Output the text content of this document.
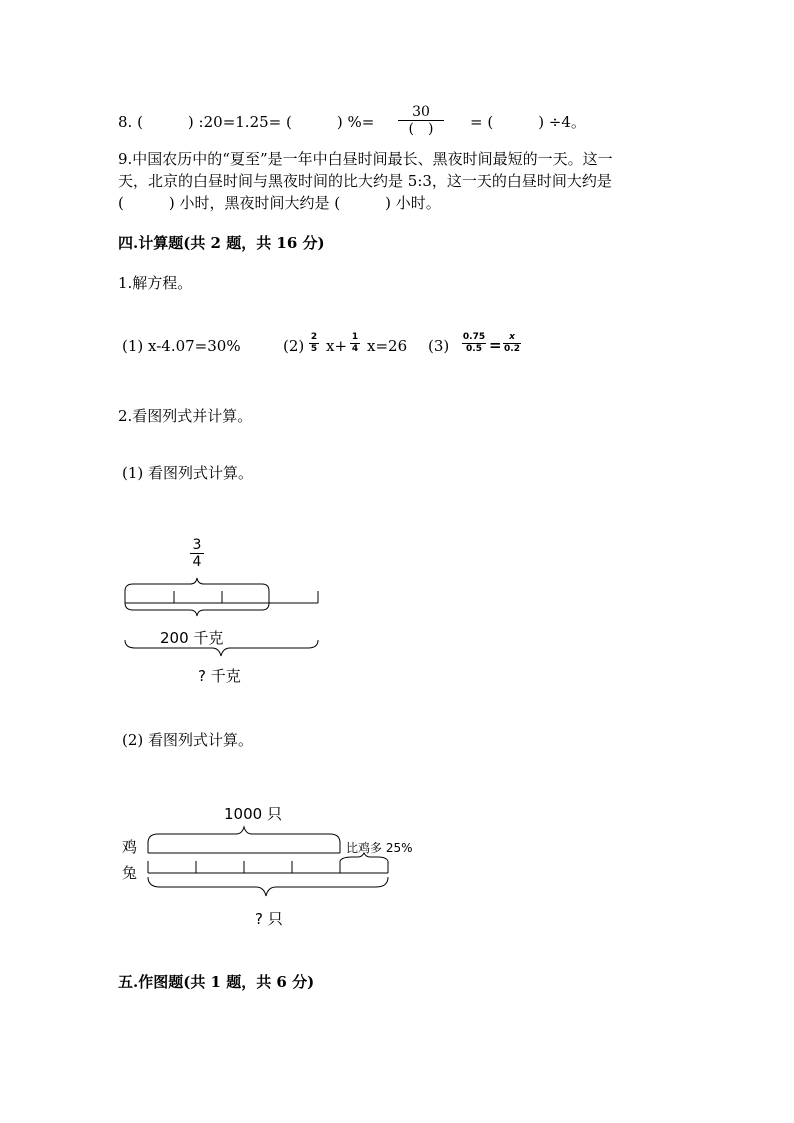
8. (　　　) :20=1.25= (　　　) %=
30
(　)	= (　　　) ÷4。
9.中国农历中的“夏至”是一年中白昼时间最长、黑夜时间最短的一天。这一
天，北京的白昼时间与黑夜时间的比大约是 5:3，这一天的白昼时间大约是
(　　　) 小时，黑夜时间大约是 (　　　) 小时。
四.计算题(共 2 题，共 16 分)
1.解方程。
(1) x-4.07=30%	(2) 2
5 x+ 1
4 x=26 (3) 0.75
0.5 = x
0.2
2.看图列式并计算。
(1) 看图列式计算。
3
4
200 千克
? 千克
(2) 看图列式计算。
1000 只
鸡
兔
比鸡多 25%
? 只
五.作图题(共 1 题，共 6 分)
